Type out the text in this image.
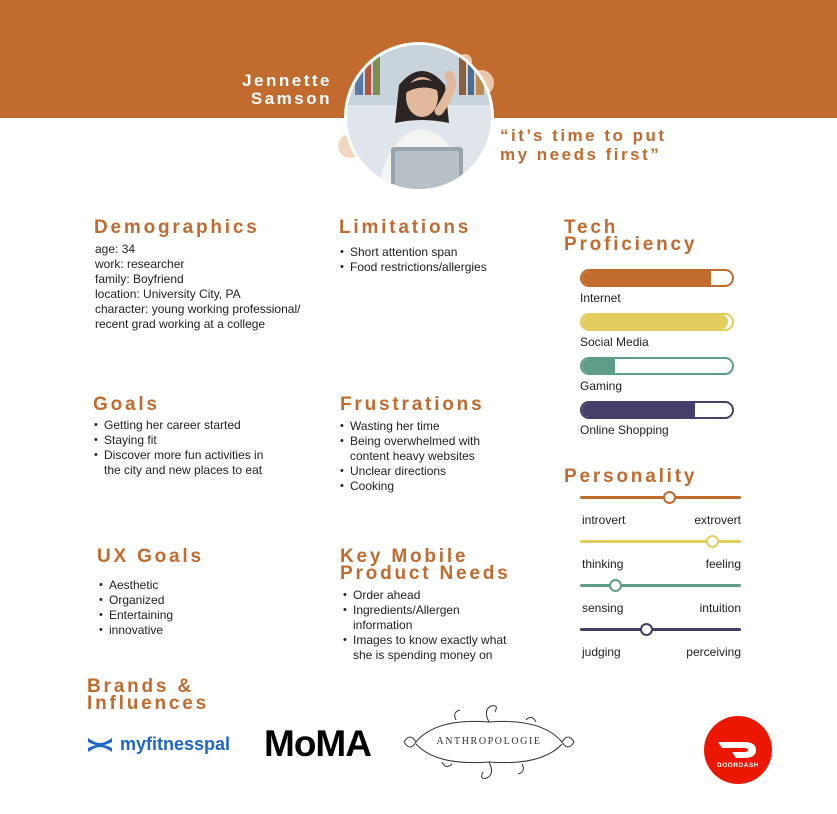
Jennette
Samson
“it’s time to put
my needs first”
Demographics
age: 34
work: researcher
family: Boyfriend
location: University City, PA
character: young working professional/
recent grad working at a college
Limitations
• Short attention span
• Food restrictions/allergies
Tech
Proficiency
Internet
Social Media
Gaming
Online Shopping
Goals
• Getting her career started
• Staying fit
• Discover more fun activities in
the city and new places to eat
Frustrations
• Wasting her time
• Being overwhelmed with
content heavy websites
• Unclear directions
• Cooking	Personality
introvert	extrovert
thinking	feeling
sensing	intuition
judging	perceiving
UX Goals
• Aesthetic
• Organized
• Entertaining
• innovative
Key Mobile
Product Needs
• Order ahead
• Ingredients/Allergen
information
• Images to know exactly what
she is spending money on
Brands &
Influences
myfitnesspal MoMA	ANTHROPOLOGIE
DOORDASH
